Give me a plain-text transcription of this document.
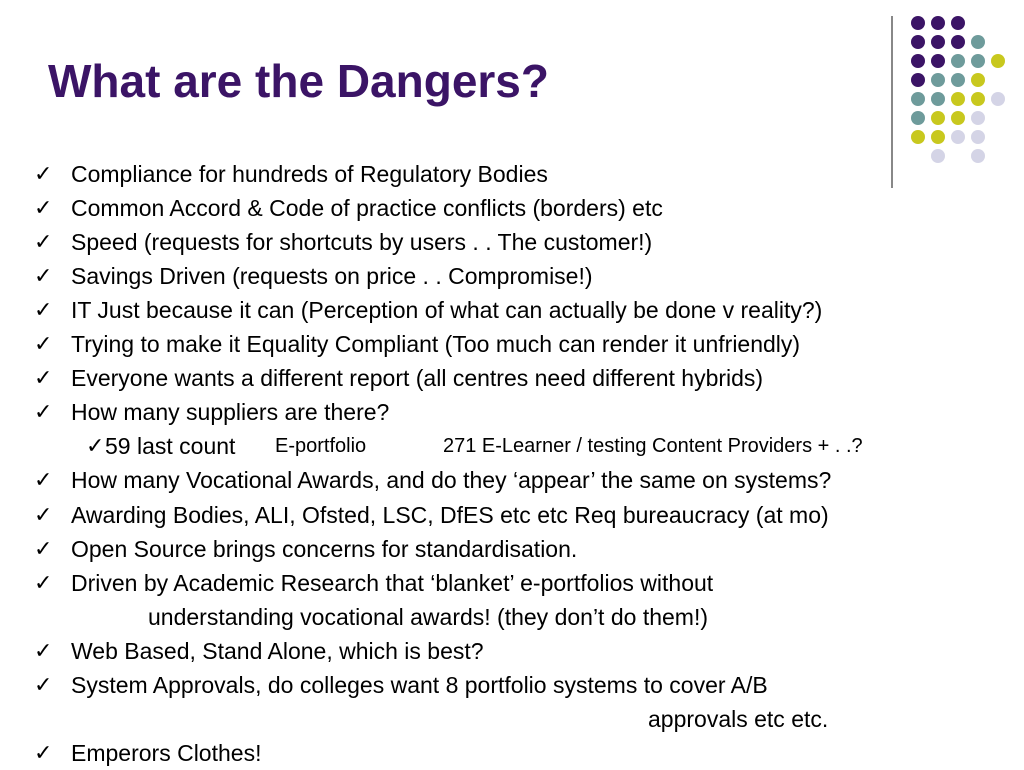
What are the Dangers?
✓ Compliance for hundreds of Regulatory Bodies
✓ Common Accord & Code of practice conflicts (borders) etc
✓ Speed (requests for shortcuts by users . . The customer!)
✓ Savings Driven (requests on price . . Compromise!)
✓ IT Just because it can (Perception of what can actually be done v reality?)
✓ Trying to make it Equality Compliant (Too much can render it unfriendly)
✓ Everyone wants a different report (all centres need different hybrids)
✓ How many suppliers are there?
✓ 59 last count E-portfolio	271 E-Learner / testing Content Providers + . .?
✓ How many Vocational Awards, and do they ‘appear’ the same on systems?
✓ Awarding Bodies, ALI, Ofsted, LSC, DfES etc etc Req bureaucracy (at mo)
✓ Open Source brings concerns for standardisation.
✓ Driven by Academic Research that ‘blanket’ e-portfolios without
understanding vocational awards! (they don’t do them!)
✓ Web Based, Stand Alone, which is best?
✓ System Approvals, do colleges want 8 portfolio systems to cover A/B
approvals etc etc.
✓ Emperors Clothes!
